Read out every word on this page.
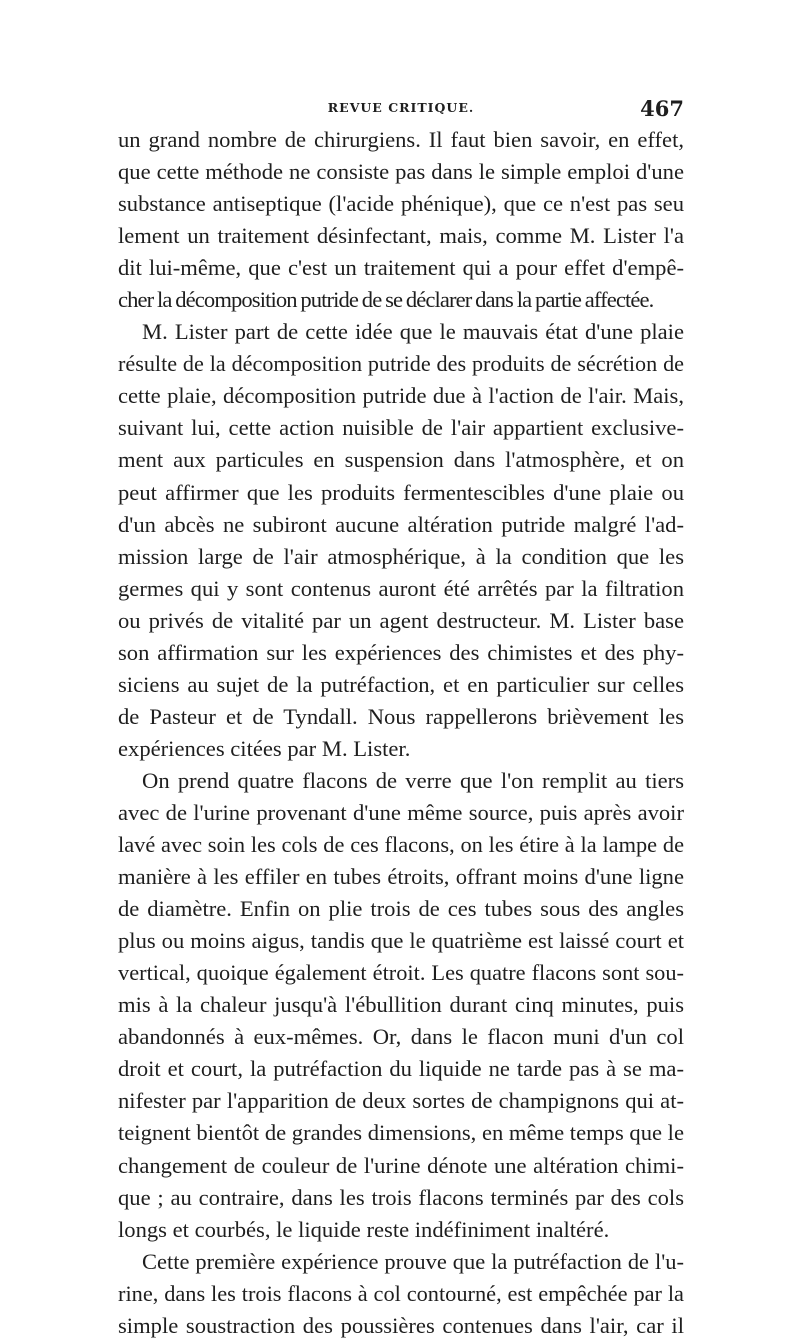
REVUE CRITIQUE.	467
un grand nombre de chirurgiens. Il faut bien savoir, en effet,
que cette méthode ne consiste pas dans le simple emploi d'une
substance antiseptique (l'acide phénique), que ce n'est pas seu
lement un traitement désinfectant, mais, comme M. Lister l'a
dit lui-même, que c'est un traitement qui a pour effet d'empê-
cher la décomposition putride de se déclarer dans la partie affectée.
M. Lister part de cette idée que le mauvais état d'une plaie
résulte de la décomposition putride des produits de sécrétion de
cette plaie, décomposition putride due à l'action de l'air. Mais,
suivant lui, cette action nuisible de l'air appartient exclusive-
ment aux particules en suspension dans l'atmosphère, et on
peut affirmer que les produits fermentescibles d'une plaie ou
d'un abcès ne subiront aucune altération putride malgré l'ad-
mission large de l'air atmosphérique, à la condition que les
germes qui y sont contenus auront été arrêtés par la filtration
ou privés de vitalité par un agent destructeur. M. Lister base
son affirmation sur les expériences des chimistes et des phy-
siciens au sujet de la putréfaction, et en particulier sur celles
de Pasteur et de Tyndall. Nous rappellerons brièvement les
expériences citées par M. Lister.
On prend quatre flacons de verre que l'on remplit au tiers
avec de l'urine provenant d'une même source, puis après avoir
lavé avec soin les cols de ces flacons, on les étire à la lampe de
manière à les effiler en tubes étroits, offrant moins d'une ligne
de diamètre. Enfin on plie trois de ces tubes sous des angles
plus ou moins aigus, tandis que le quatrième est laissé court et
vertical, quoique également étroit. Les quatre flacons sont sou-
mis à la chaleur jusqu'à l'ébullition durant cinq minutes, puis
abandonnés à eux-mêmes. Or, dans le flacon muni d'un col
droit et court, la putréfaction du liquide ne tarde pas à se ma-
nifester par l'apparition de deux sortes de champignons qui at-
teignent bientôt de grandes dimensions, en même temps que le
changement de couleur de l'urine dénote une altération chimi-
que ; au contraire, dans les trois flacons terminés par des cols
longs et courbés, le liquide reste indéfiniment inaltéré.
Cette première expérience prouve que la putréfaction de l'u-
rine, dans les trois flacons à col contourné, est empêchée par la
simple soustraction des poussières contenues dans l'air, car il
